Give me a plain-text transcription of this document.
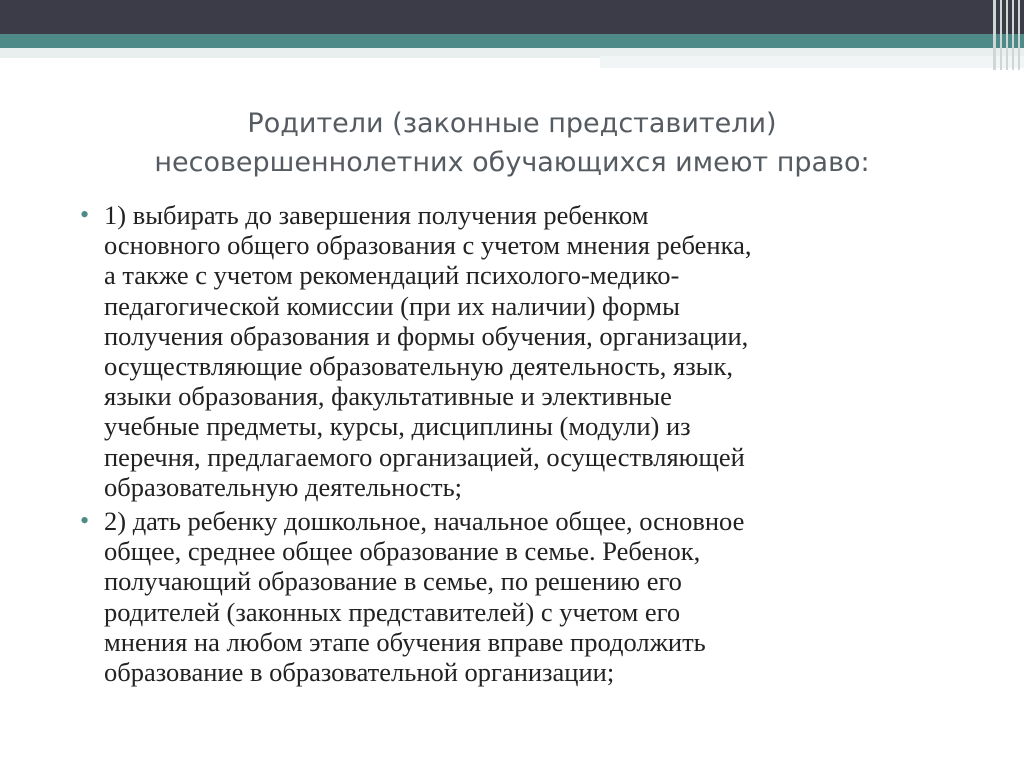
Родители (законные представители)
несовершеннолетних обучающихся имеют право:
• 1) выбирать до завершения получения ребенком
основного общего образования с учетом мнения ребенка,
а также с учетом рекомендаций психолого-медико-
педагогической комиссии (при их наличии) формы
получения образования и формы обучения, организации,
осуществляющие образовательную деятельность, язык,
языки образования, факультативные и элективные
учебные предметы, курсы, дисциплины (модули) из
перечня, предлагаемого организацией, осуществляющей
образовательную деятельность;
• 2) дать ребенку дошкольное, начальное общее, основное
общее, среднее общее образование в семье. Ребенок,
получающий образование в семье, по решению его
родителей (законных представителей) с учетом его
мнения на любом этапе обучения вправе продолжить
образование в образовательной организации;
